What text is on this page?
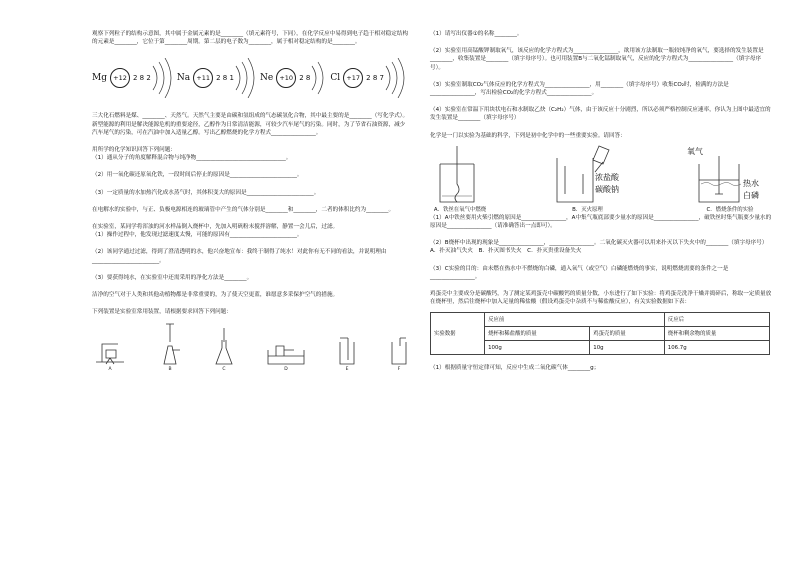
观察下列粒子的结构示意图，其中属于金属元素的是________（填元素符号，下同），在化学反应中易得到电子趋于相对稳定结构的元素是________，它位于第________周期。第二层的电子数为________，属于相对稳定结构的是________。

Mg +12 2 8 2	Na +11 2 8 1	Ne +10 2 8 Cl +17 2 8 7

三大化石燃料是煤、________、天然气。天然气主要是由碳和氢组成的气态碳氢化合物，其中最主要的是________（写化学式）。新型能源的利用是解决能源危机的重要途径，乙醇作为日常清洁能源，可较少汽车尾气的污染。同时，为了节省石油资源，减少汽车尾气的污染，可在汽油中加入适量乙醇。写出乙醇燃烧的化学方程式________________。

用所学的化学知识回答下列问题：

（1）通从分子的角度解释混合物与纯净物________________________________。

（2）用一氧化碳还原氧化铁，一段时间后停止的原因是________________________。

（3）一定质量的水加热汽化成水蒸气时，其体积变大的原因是________________________。

在电解水的实验中，与正、负极电源相连的玻璃管中产生的气体分别是________和________，二者的体积比约为________。

在实验室，某同学将浑浊的河水样品倒入烧杯中，先加入明矾粉末搅拌溶解，静置一会儿后，过滤。

（1）操作过程中，他发现过滤速度太慢，可能的原因有________________________。

（2）该同学通过过滤，得到了澄清透明的水，他兴奋地宣布：我终于制得了纯水！对此你有无不同的看法，并说明理由________________________。

（3）要获得纯水，在实验室中还需采用的净化方法是________。

洁净的空气对于人类和其他动植物都是非常重要的，为了使天空更蓝，谁愿意多采保护空气的措施。

下列装置是实验室常用装置，请根据要求回答下列问题：

A	B	C	D	E	F

（1）请写出仪器①的名称________。

（2）实验室用高锰酸钾制取氧气，该反应的化学方程式为________________，欲用该方法制取一瓶较纯净的氧气，要选择的发生装置是________，收集装置是________（填字母序号）。也可用装置B与二氧化锰制取氧气，反应的化学方程式为________________（填字母序号）。

（3）实验室制取CO₂气体反应的化学方程式为________________，用________（填字母序号）收集CO₂时，检满的方法是________________，写出检验CO₂的化学方程式________________。

（4）实验室在常温下用块状电石和水制取乙炔（C₂H₂）气体，由于该反应十分剧烈，所以必须严格控制反应速率，你认为上图中最适宜的发生装置是________（填字母序号）

化学是一门以实验为基础的科学，下列是初中化学中的一些重要实验。请回答：

A．铁丝在氧气中燃烧
浓盐酸
碳酸钠
B．灭火原理
氧气
热水
白磷
C．燃烧条件的实验

（1）A中铁丝要用火柴引燃的原因是________________，A中集气瓶底部要少量水的原因是________________，破铁丝时集气瓶要少量水的原因是________________（请准确答出一点即可）。

（2）B烧杯中出现的现象是________________，________________。二氧化碳灭火器可以用来扑灭以下失火中的________（填字母序号）

A．扑灭油气失火　B．扑灭图书失火　C．扑灭贵重设备失火

（3）C实验的目的：由未燃在热水中不燃烧的白磷，通入氧气（或空气）白磷能燃烧的事实，说明燃烧需要的条件之一是________________。

鸡蛋壳中主要成分是碳酸钙，为了测定某鸡蛋壳中碳酸钙的质量分数，小东进行了如下实验：将鸡蛋壳洗净干燥并捣碎后，称取一定质量放在烧杯里，然后往烧杯中加入足量的稀盐酸（假设鸡蛋壳中杂质不与稀盐酸反应），有关实验数据如下表：

实验数据	反应前		反应后
	烧杯和稀盐酸的质量	鸡蛋壳的质量	烧杯和剩余物的质量
	100g	10g	106.7g

（1）根据质量守恒定律可知，反应中生成二氧化碳气体________g；
